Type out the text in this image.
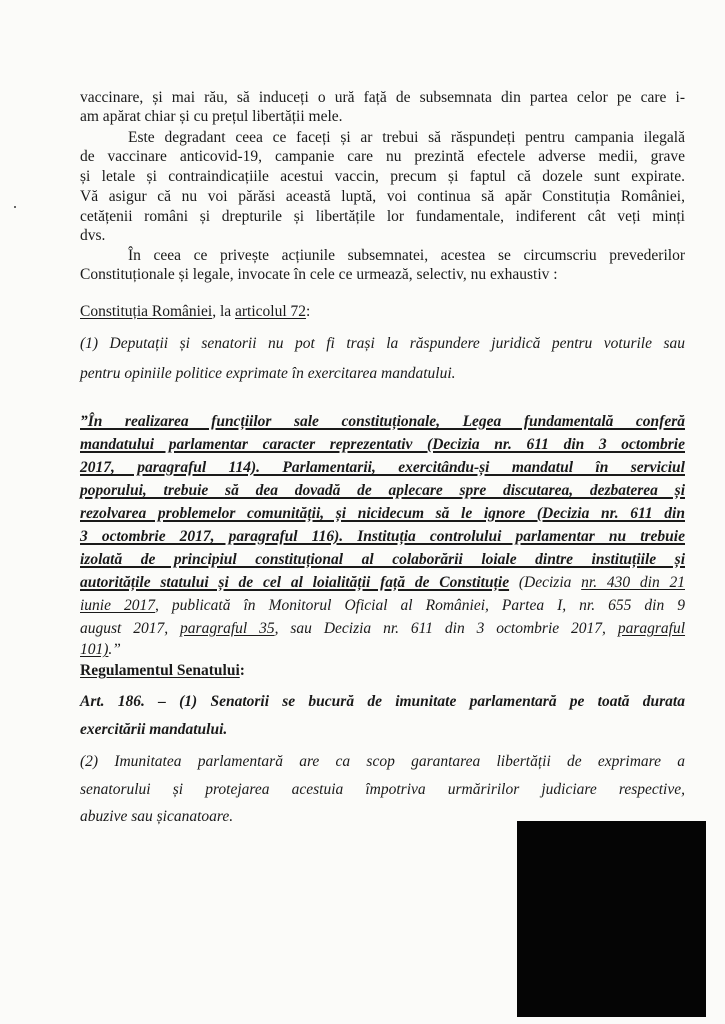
vaccinare, și mai rău, să induceți o ură față de subsemnata din partea celor pe care i-
am apărat chiar și cu prețul libertății mele.
Este degradant ceea ce faceți și ar trebui să răspundeți pentru campania ilegală
de vaccinare anticovid-19, campanie care nu prezintă efectele adverse medii, grave
și letale și contraindicațiile acestui vaccin, precum și faptul că dozele sunt expirate.
Vă asigur că nu voi părăsi această luptă, voi continua să apăr Constituția României,
cetățenii români și drepturile și libertățile lor fundamentale, indiferent cât veți minți
dvs.
În ceea ce privește acțiunile subsemnatei, acestea se circumscriu prevederilor
Constituționale și legale, invocate în cele ce urmează, selectiv, nu exhaustiv :
Constituția României, la articolul 72:
(1) Deputații și senatorii nu pot fi trași la răspundere juridică pentru voturile sau
pentru opiniile politice exprimate în exercitarea mandatului.
”În realizarea funcțiilor sale constituționale, Legea fundamentală conferă
mandatului parlamentar caracter reprezentativ (Decizia nr. 611 din 3 octombrie
2017, paragraful 114). Parlamentarii, exercitându-și mandatul în serviciul
poporului, trebuie să dea dovadă de aplecare spre discutarea, dezbaterea și
rezolvarea problemelor comunității, și nicidecum să le ignore (Decizia nr. 611 din
3 octombrie 2017, paragraful 116). Instituția controlului parlamentar nu trebuie
izolată de principiul constituțional al colaborării loiale dintre instituțiile și
autoritățile statului și de cel al loialității față de Constituție (Decizia nr. 430 din 21
iunie 2017, publicată în Monitorul Oficial al României, Partea I, nr. 655 din 9
august 2017, paragraful 35, sau Decizia nr. 611 din 3 octombrie 2017, paragraful
101).”
Regulamentul Senatului:
Art. 186. – (1) Senatorii se bucură de imunitate parlamentară pe toată durata
exercitării mandatului.
(2) Imunitatea parlamentară are ca scop garantarea libertății de exprimare a
senatorului și protejarea acestuia împotriva urmăririlor judiciare respective,
abuzive sau șicanatoare.
